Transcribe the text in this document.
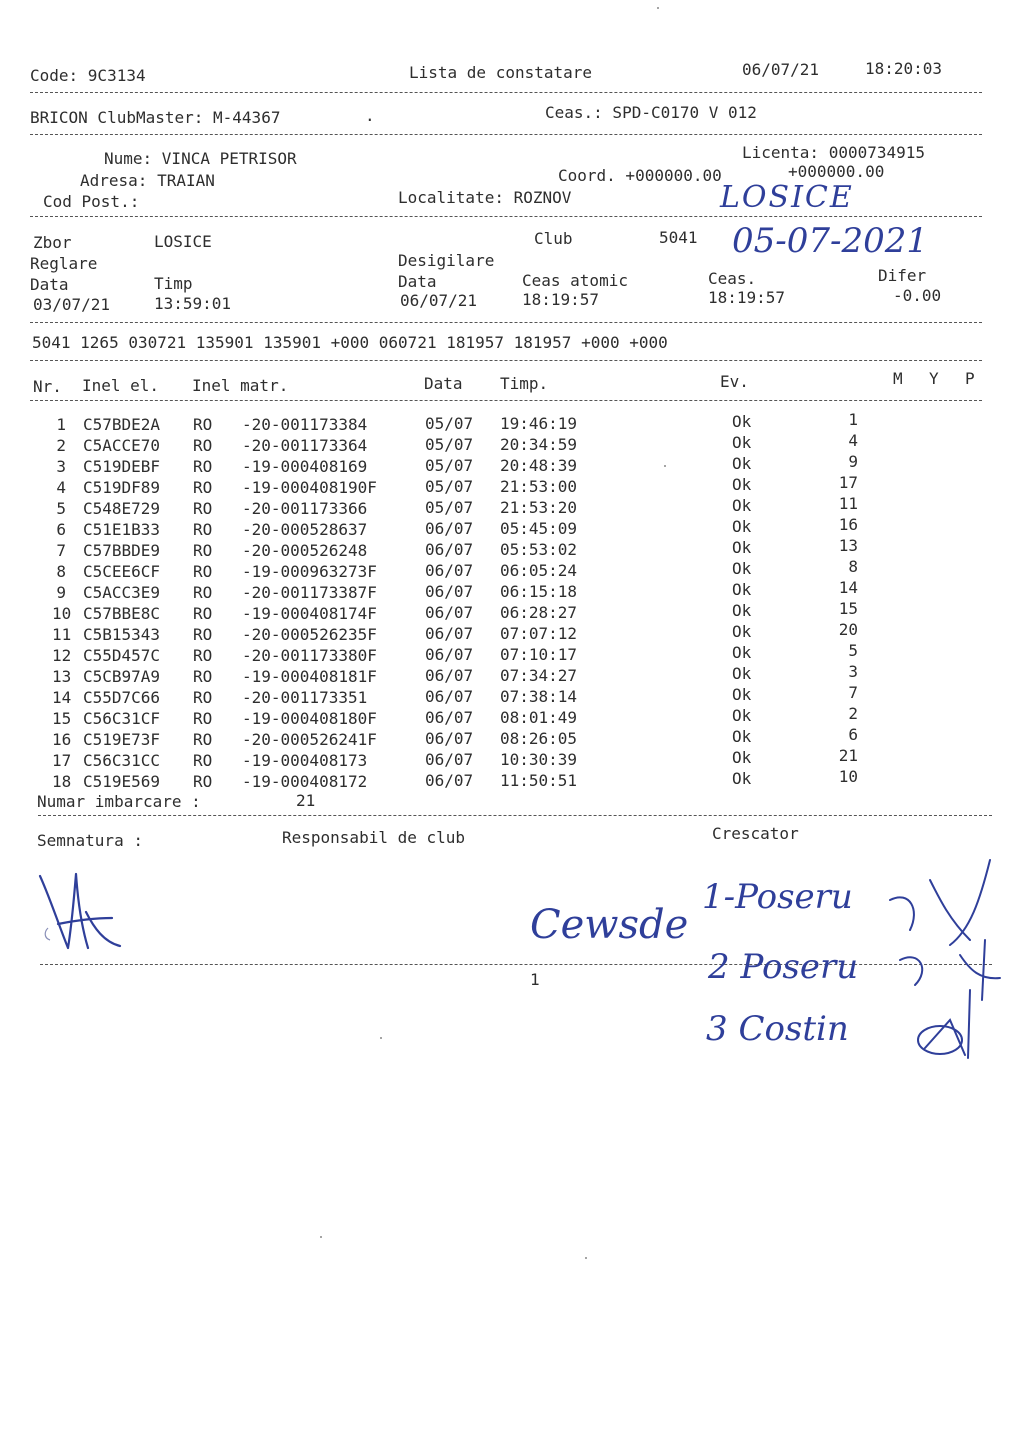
Code: 9C3134	Lista de constatare	06/07/21	18:20:03
BRICON ClubMaster: M-44367	.	Ceas.: SPD-C0170 V 012
Nume: VINCA PETRISOR
Adresa: TRAIAN
Cod Post.:
Licenta: 0000734915
Coord. +000000.00	+000000.00
Localitate: ROZNOV	LOSICE
Zbor	LOSICE	Club	5041 05-07-2021
Reglare	Desigilare
Data	Timp	Data	Ceas atomic	Ceas.	Difer
03/07/21	13:59:01	06/07/21	18:19:57	18:19:57	-0.00
5041 1265 030721 135901 135901 +000 060721 181957 181957 +000 +000
Nr. Inel el. Inel matr.	Data Timp.	Ev.	M Y P
1 C57BDE2A RO -20-001173384	05/07 19:46:19	Ok	1
2 C5ACCE70 RO -20-001173364	05/07 20:34:59	Ok	4
3 C519DEBF RO -19-000408169	05/07 20:48:39	Ok	9
4 C519DF89 RO -19-000408190F	05/07 21:53:00	Ok	17
5 C548E729 RO -20-001173366	05/07 21:53:20	Ok	11
6 C51E1B33 RO -20-000528637	06/07 05:45:09	Ok	16
7 C57BBDE9 RO -20-000526248	06/07 05:53:02	Ok	13
8 C5CEE6CF RO -19-000963273F	06/07 06:05:24	Ok	8
9 C5ACC3E9 RO -20-001173387F	06/07 06:15:18	Ok	14
10 C57BBE8C RO -19-000408174F	06/07 06:28:27	Ok	15
11 C5B15343 RO -20-000526235F	06/07 07:07:12	Ok	20
12 C55D457C RO -20-001173380F	06/07 07:10:17	Ok	5
13 C5CB97A9 RO -19-000408181F	06/07 07:34:27	Ok	3
14 C55D7C66 RO -20-001173351	06/07 07:38:14	Ok	7
15 C56C31CF RO -19-000408180F	06/07 08:01:49	Ok	2
16 C519E73F RO -20-000526241F	06/07 08:26:05	Ok	6
17 C56C31CC RO -19-000408173	06/07 10:30:39	Ok	21
18 C519E569 RO -19-000408172	06/07 11:50:51	Ok	10
Numar imbarcare :	21
Semnatura :	Responsabil de club	Crescator
1
Cewsde
1-Poseru
2 Poseru
3 Costin
